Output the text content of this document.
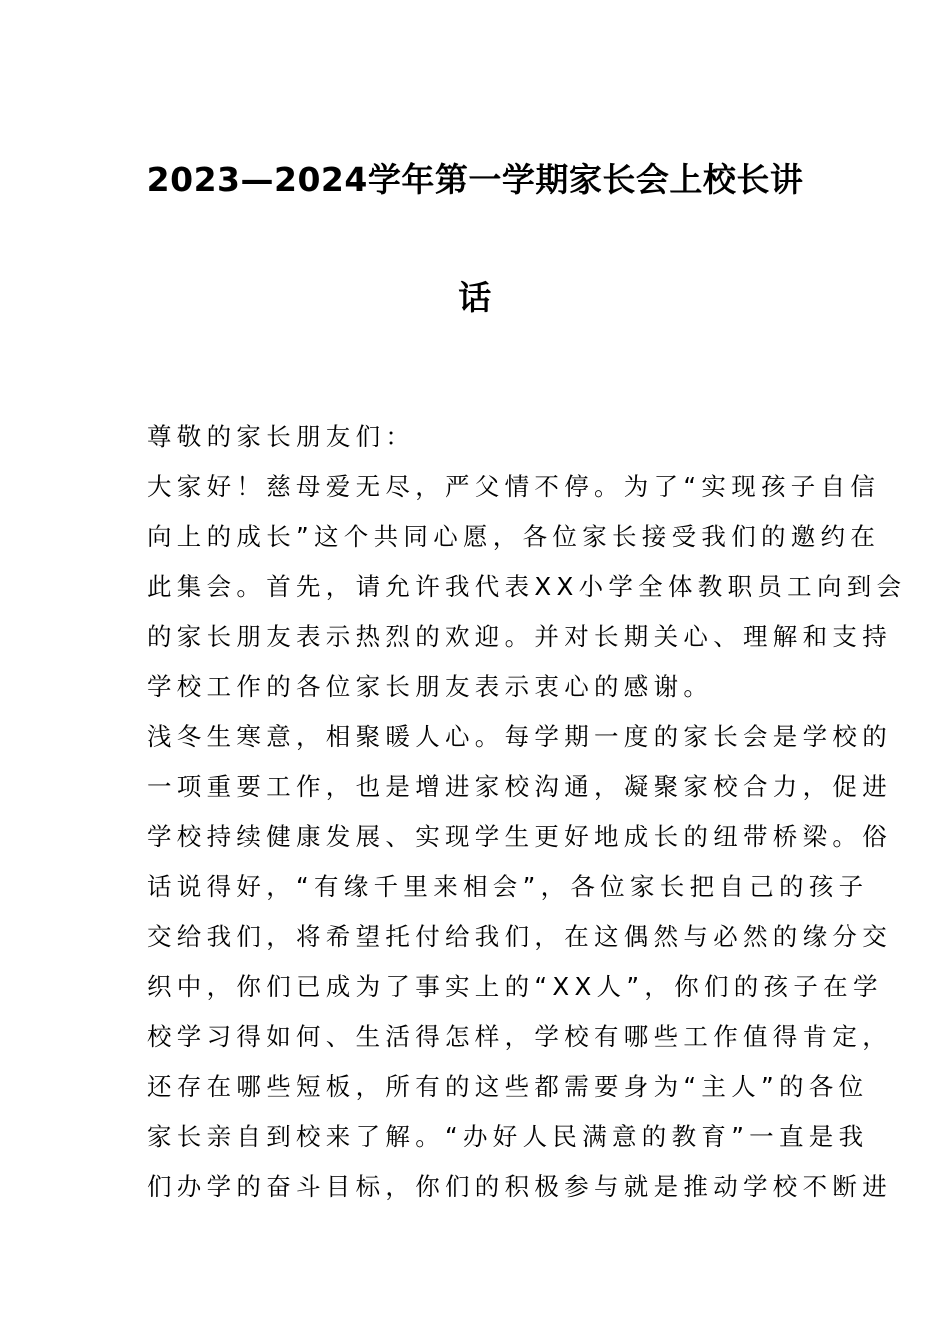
2023—2024学年第一学期家长会上校长讲
话
尊敬的家长朋友们：
大家好！慈母爱无尽，严父情不停。为了“实现孩子自信
向上的成长”这个共同心愿，各位家长接受我们的邀约在
此集会。首先，请允许我代表XX小学全体教职员工向到会
的家长朋友表示热烈的欢迎。并对长期关心、理解和支持
学校工作的各位家长朋友表示衷心的感谢。
浅冬生寒意，相聚暖人心。每学期一度的家长会是学校的
一项重要工作，也是增进家校沟通，凝聚家校合力，促进
学校持续健康发展、实现学生更好地成长的纽带桥梁。俗
话说得好，“有缘千里来相会”，各位家长把自己的孩子
交给我们，将希望托付给我们，在这偶然与必然的缘分交
织中，你们已成为了事实上的“XX人”，你们的孩子在学
校学习得如何、生活得怎样，学校有哪些工作值得肯定，
还存在哪些短板，所有的这些都需要身为“主人”的各位
家长亲自到校来了解。“办好人民满意的教育”一直是我
们办学的奋斗目标，你们的积极参与就是推动学校不断进
